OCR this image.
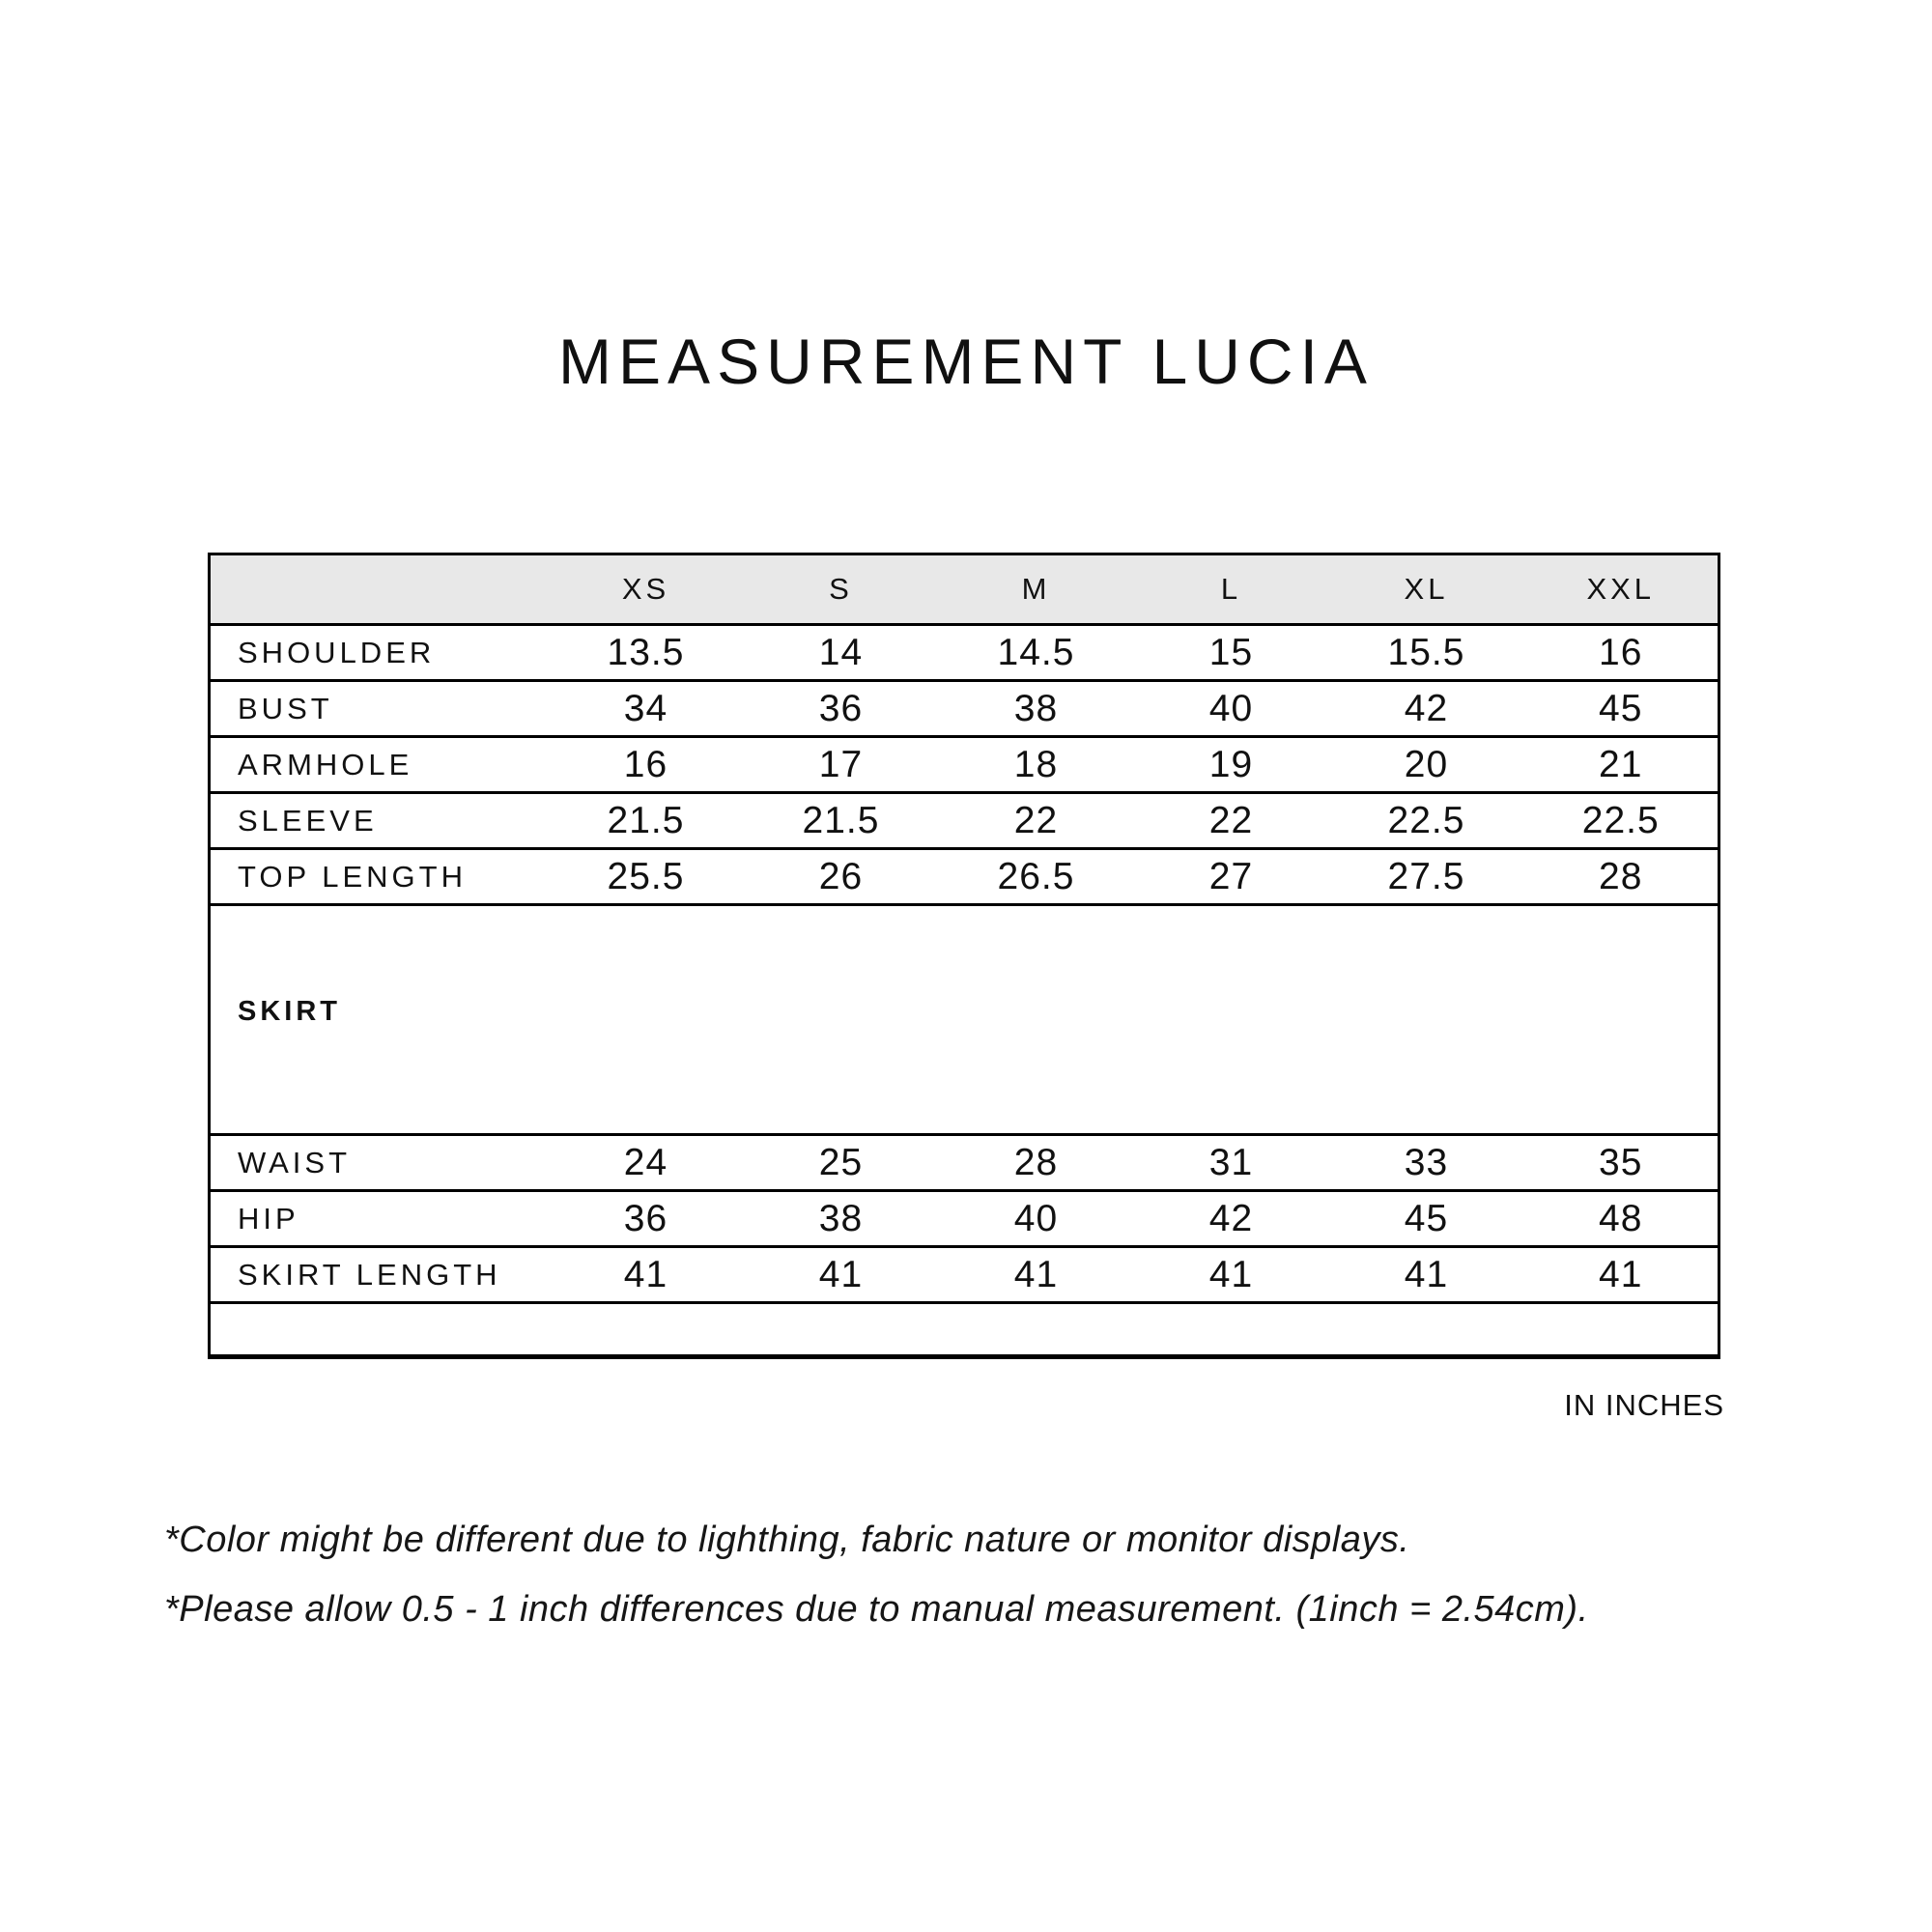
MEASUREMENT LUCIA
	XS	S	M	L	XL	XXL
SHOULDER	13.5	14	14.5	15	15.5	16
BUST	34	36	38	40	42	45
ARMHOLE	16	17	18	19	20	21
SLEEVE	21.5	21.5	22	22	22.5	22.5
TOP LENGTH	25.5	26	26.5	27	27.5	28
SKIRT						
WAIST	24	25	28	31	33	35
HIP	36	38	40	42	45	48
SKIRT LENGTH	41	41	41	41	41	41

IN INCHES

*Color might be different due to lighthing, fabric nature or monitor displays.

*Please allow 0.5 - 1 inch differences due to manual measurement. (1inch = 2.54cm).
